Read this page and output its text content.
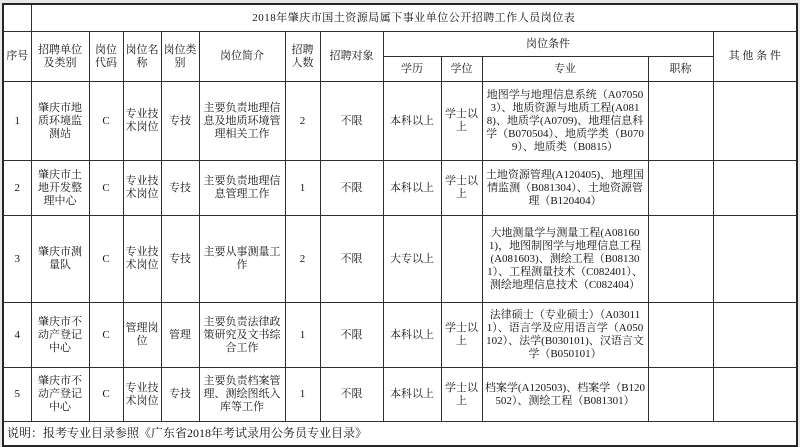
	2018年肇庆市国土资源局属下事业单位公开招聘工作人员岗位表											
序号	招聘单位及类别	岗位代码	岗位名称	岗位类别	岗位简介	招聘人数	招聘对象	岗位条件				其 他 条 件
								学历	学位	专业	职称	
1	肇庆市地质环境监测站	C	专业技术岗位	专技	主要负责地理信息及地质环境管理相关工作	2	不限	本科以上	学士以上	地图学与地理信息系统（A070503）、地质资源与地质工程(A0818)、地质学(A0709)、地理信息科学（B070504）、地质学类（B0709）、地质类（B0815）		
2	肇庆市土地开发整理中心	C	专业技术岗位	专技	主要负责地理信息管理工作	1	不限	本科以上	学士以上	土地资源管理(A120405)、地理国情监测（B081304）、土地资源管理（B120404）		
3	肇庆市测量队	C	专业技术岗位	专技	主要从事测量工作	2	不限	大专以上		大地测量学与测量工程(A081601)，地图制图学与地理信息工程(A081603)、测绘工程（B081301）、工程测量技术（C082401）、测绘地理信息技术（C082404）		
4	肇庆市不动产登记中心	C	管理岗位	管理	主要负责法律政策研究及文书综合工作	1	不限	本科以上	学士以上	法律硕士（专业硕士）（A030111）、语言学及应用语言学（A050102）、法学(B030101)、汉语言文学（B050101）		
5	肇庆市不动产登记中心	C	专业技术岗位	专技	主要负责档案管理、测绘图纸入库等工作	1	不限	本科以上	学士以上	档案学(A120503)、档案学（B120502）、测绘工程（B081301）		
说明：报考专业目录参照《广东省2018年考试录用公务员专业目录》												
